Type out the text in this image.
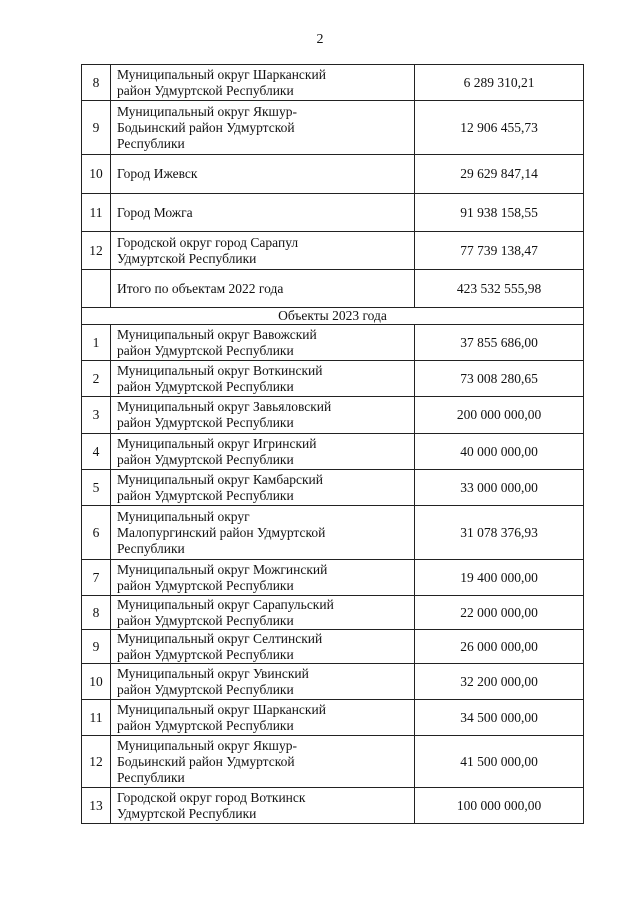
2
8	Муниципальный округ Шарканский
район Удмуртской Республики	6 289 310,21
9	Муниципальный округ Якшур-
Бодьинский район Удмуртской
Республики	12 906 455,73
10	Город Ижевск	29 629 847,14
11	Город Можга	91 938 158,55
12	Городской округ город Сарапул
Удмуртской Республики	77 739 138,47

	Итого по объектам 2022 года	423 532 555,98
Объекты 2023 года		
1	Муниципальный округ Вавожский
район Удмуртской Республики	37 855 686,00
2	Муниципальный округ Воткинский
район Удмуртской Республики	73 008 280,65
3	Муниципальный округ Завьяловский
район Удмуртской Республики	200 000 000,00
4	Муниципальный округ Игринский
район Удмуртской Республики	40 000 000,00
5	Муниципальный округ Камбарский
район Удмуртской Республики	33 000 000,00
6	Муниципальный округ
Малопургинский район Удмуртской
Республики	31 078 376,93
7	Муниципальный округ Можгинский
район Удмуртской Республики	19 400 000,00
8	Муниципальный округ Сарапульский
район Удмуртской Республики	22 000 000,00
9	Муниципальный округ Селтинский
район Удмуртской Республики	26 000 000,00
10	Муниципальный округ Увинский
район Удмуртской Республики	32 200 000,00
11	Муниципальный округ Шарканский
район Удмуртской Республики	34 500 000,00
12	Муниципальный округ Якшур-
Бодьинский район Удмуртской
Республики	41 500 000,00
13	Городской округ город Воткинск
Удмуртской Республики	100 000 000,00
